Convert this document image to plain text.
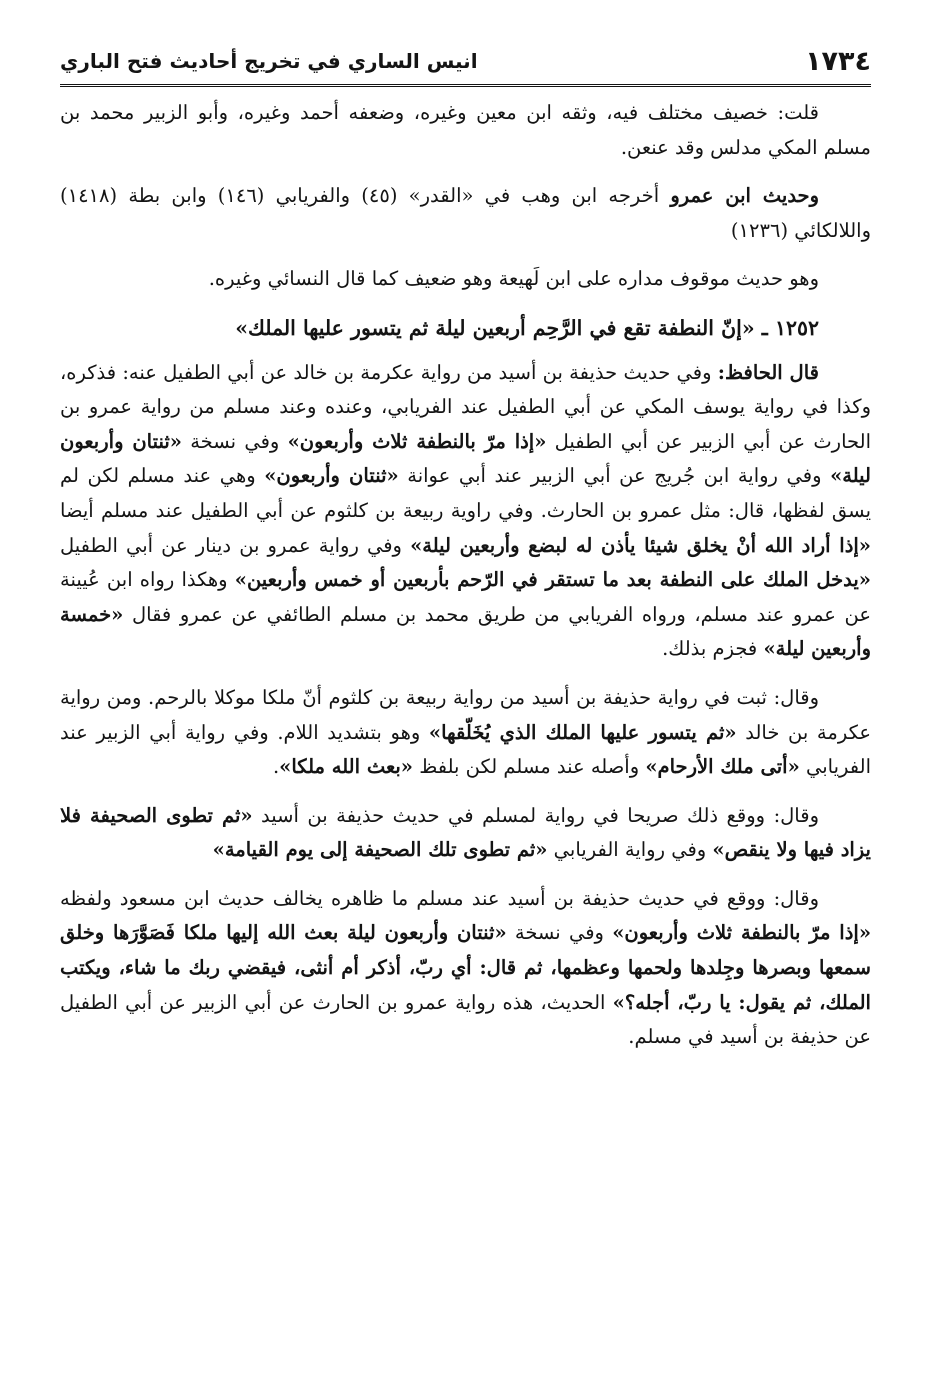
١٧٣٤
انيس الساري في تخريج أحاديث فتح الباري

قلت: خصيف مختلف فيه، وثقه ابن معين وغيره، وضعفه أحمد وغيره، وأبو الزبير محمد بن مسلم المكي مدلس وقد عنعن.

وحديث ابن عمرو أخرجه ابن وهب في «القدر» (٤٥) والفريابي (١٤٦) وابن بطة (١٤١٨) واللالكائي (١٢٣٦)

وهو حديث موقوف مداره على ابن لَهيعة وهو ضعيف كما قال النسائي وغيره.

١٢٥٢ ـ «إنّ النطفة تقع في الرَّحِم أربعين ليلة ثم يتسور عليها الملك»

قال الحافظ: وفي حديث حذيفة بن أسيد من رواية عكرمة بن خالد عن أبي الطفيل عنه: فذكره، وكذا في رواية يوسف المكي عن أبي الطفيل عند الفريابي، وعنده وعند مسلم من رواية عمرو بن الحارث عن أبي الزبير عن أبي الطفيل «إذا مرّ بالنطفة ثلاث وأربعون» وفي نسخة «ثنتان وأربعون ليلة» وفي رواية ابن جُريج عن أبي الزبير عند أبي عوانة «ثنتان وأربعون» وهي عند مسلم لكن لم يسق لفظها، قال: مثل عمرو بن الحارث. وفي راوية ربيعة بن كلثوم عن أبي الطفيل عند مسلم أيضا «إذا أراد الله أنْ يخلق شيئا يأذن له لبضع وأربعين ليلة» وفي رواية عمرو بن دينار عن أبي الطفيل «يدخل الملك على النطفة بعد ما تستقر في الرّحم بأربعين أو خمس وأربعين» وهكذا رواه ابن عُيينة عن عمرو عند مسلم، ورواه الفريابي من طريق محمد بن مسلم الطائفي عن عمرو فقال «خمسة وأربعين ليلة» فجزم بذلك.

وقال: ثبت في رواية حذيفة بن أسيد من رواية ربيعة بن كلثوم أنّ ملكا موكلا بالرحم. ومن رواية عكرمة بن خالد «ثم يتسور عليها الملك الذي يُخَلّقها» وهو بتشديد اللام. وفي رواية أبي الزبير عند الفريابي «أتى ملك الأرحام» وأصله عند مسلم لكن بلفظ «بعث الله ملكا».

وقال: ووقع ذلك صريحا في رواية لمسلم في حديث حذيفة بن أسيد «ثم تطوى الصحيفة فلا يزاد فيها ولا ينقص» وفي رواية الفريابي «ثم تطوى تلك الصحيفة إلى يوم القيامة»

وقال: ووقع في حديث حذيفة بن أسيد عند مسلم ما ظاهره يخالف حديث ابن مسعود ولفظه «إذا مرّ بالنطفة ثلاث وأربعون» وفي نسخة «ثنتان وأربعون ليلة بعث الله إليها ملكا فَصَوَّرَها وخلق سمعها وبصرها وجِلدها ولحمها وعظمها، ثم قال: أي ربّ، أذكر أم أنثى، فيقضي ربك ما شاء، ويكتب الملك، ثم يقول: يا ربّ، أجله؟» الحديث، هذه رواية عمرو بن الحارث عن أبي الزبير عن أبي الطفيل عن حذيفة بن أسيد في مسلم.
